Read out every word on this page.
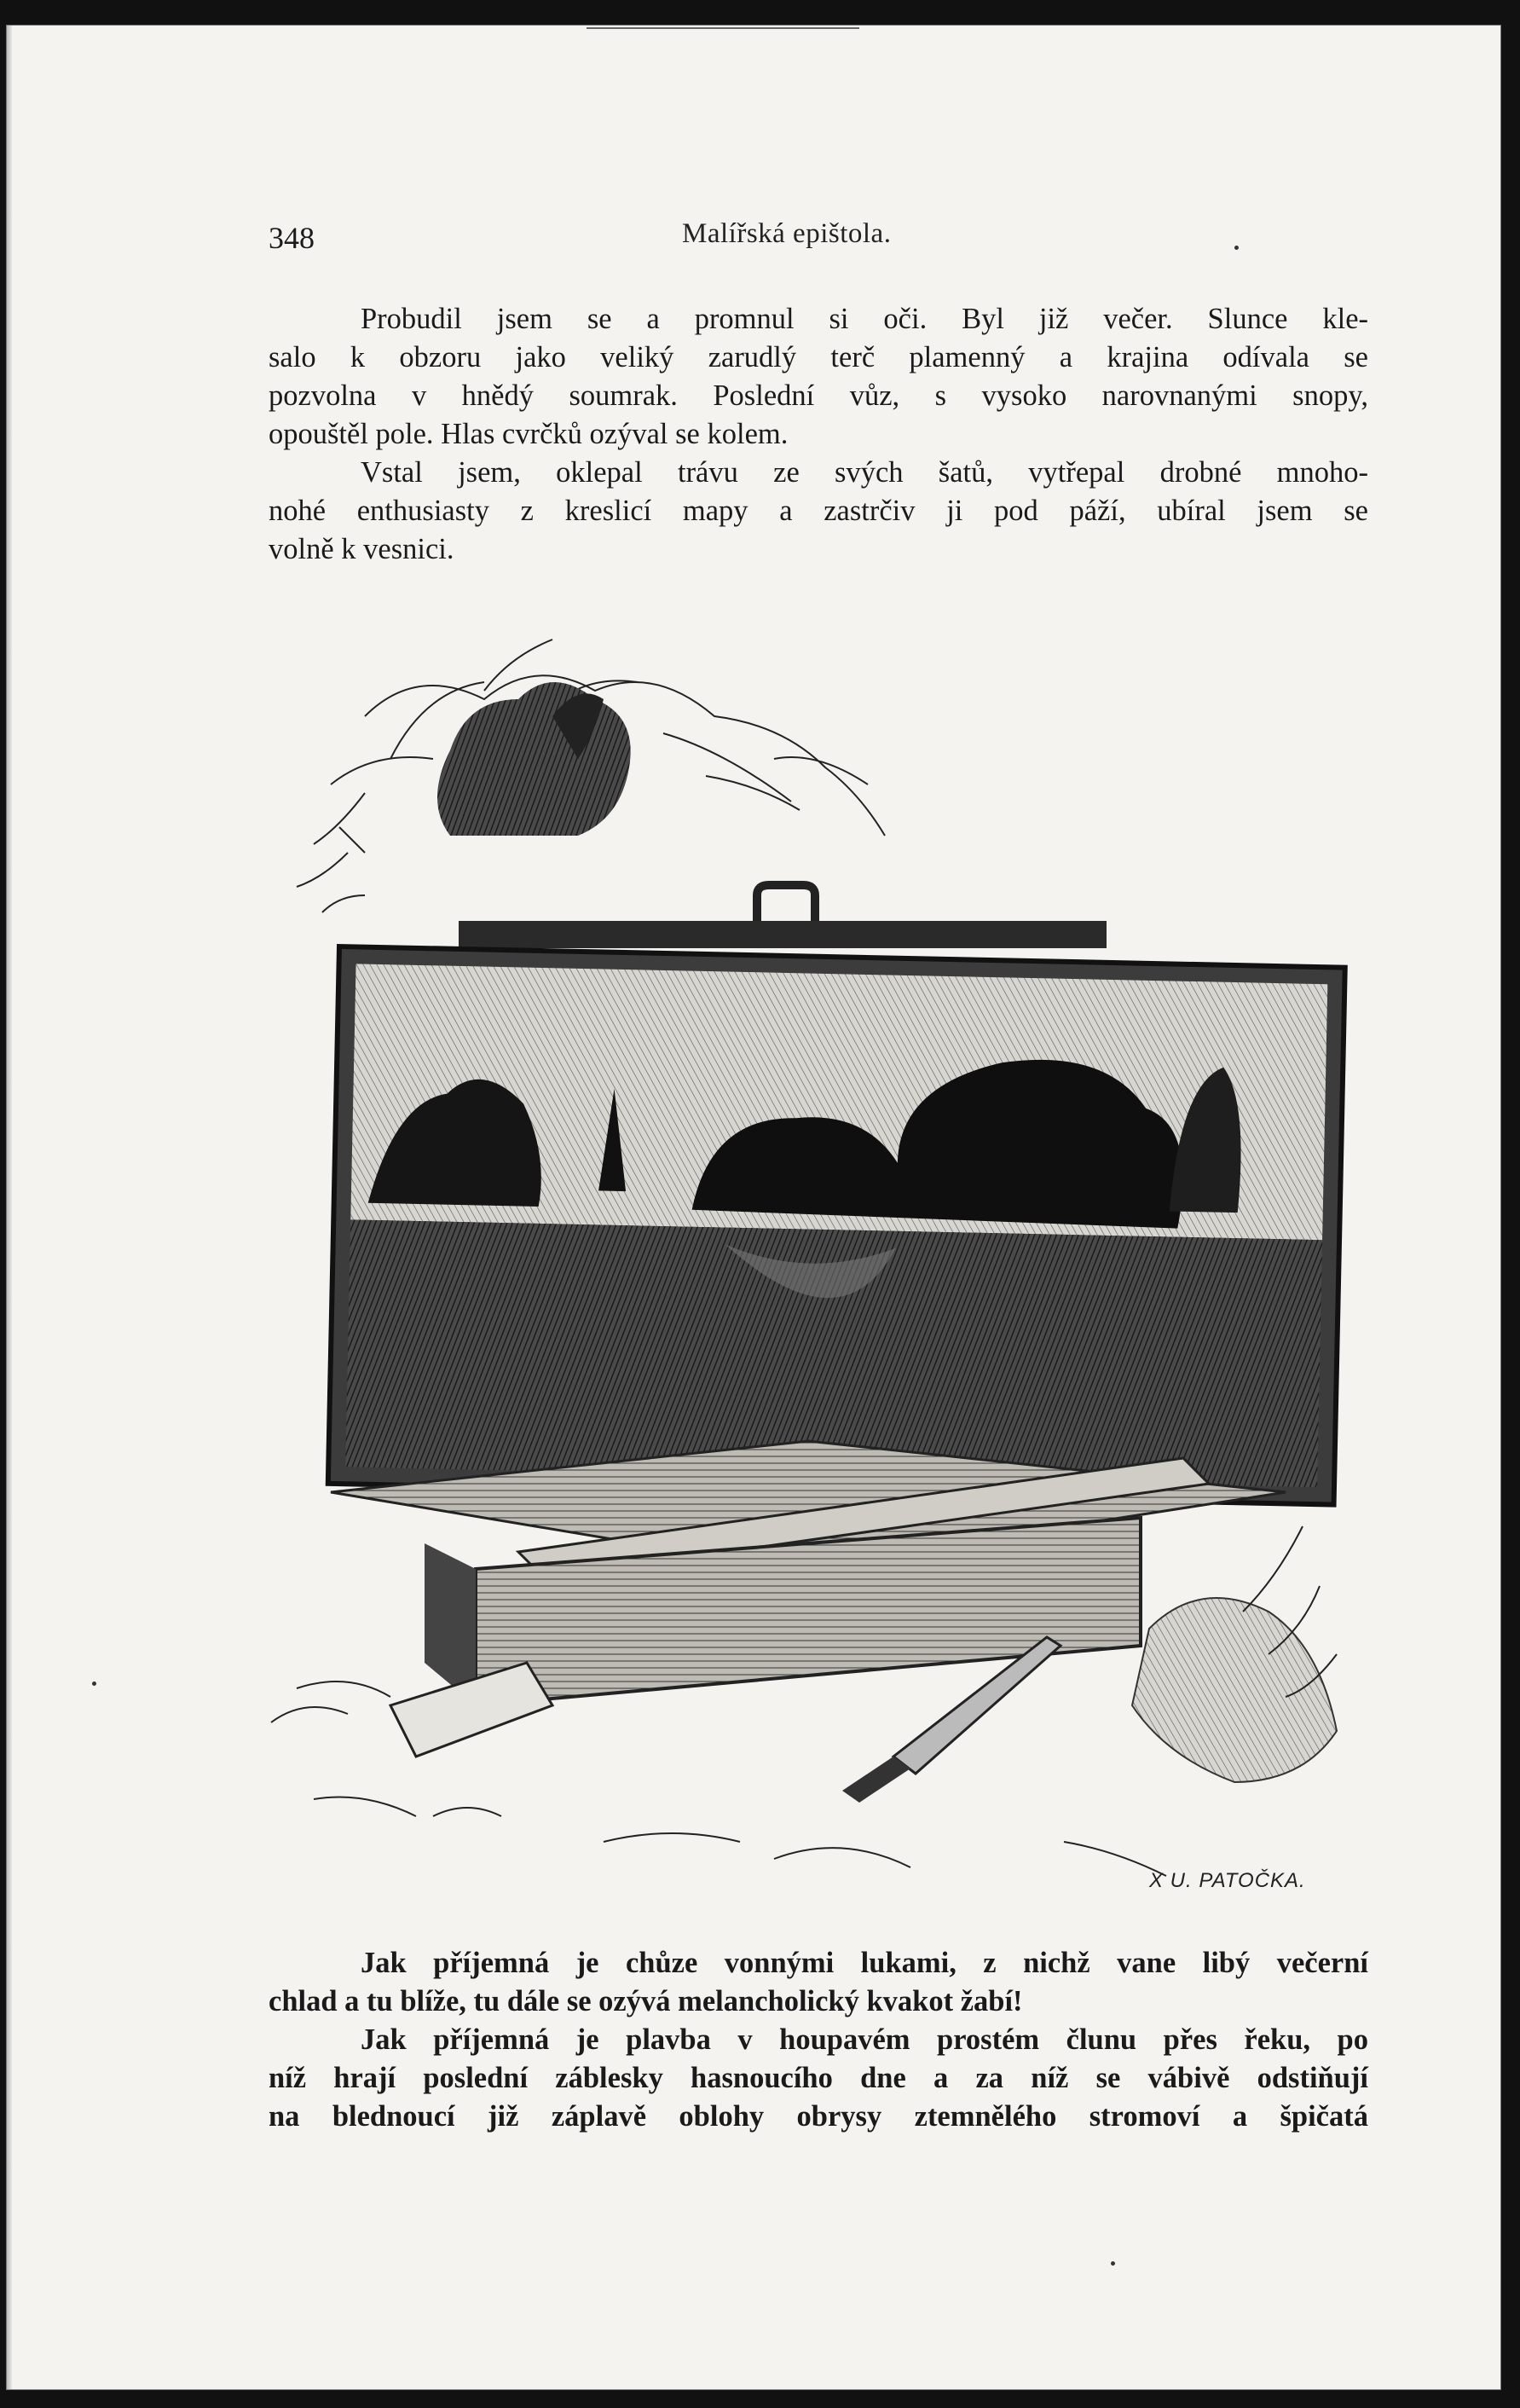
348	Malířská epištola.
Probudil jsem se a promnul si oči. Byl již večer. Slunce kle-
salo k obzoru jako veliký zarudlý terč plamenný a krajina odívala se
pozvolna v hnědý soumrak. Poslední vůz, s vysoko narovnanými snopy,
opouštěl pole. Hlas cvrčků ozýval se kolem.
Vstal jsem, oklepal trávu ze svých šatů, vytřepal drobné mnoho-
nohé enthusiasty z kreslicí mapy a zastrčiv ji pod páží, ubíral jsem se
volně k vesnici.
X U. PATOČKA.
Jak příjemná je chůze vonnými lukami, z nichž vane libý večerní
chlad a tu blíže, tu dále se ozývá melancholický kvakot žabí!
Jak příjemná je plavba v houpavém prostém člunu přes řeku, po
níž hrají poslední záblesky hasnoucího dne a za níž se vábivě odstiňují
na blednoucí již záplavě oblohy obrysy ztemnělého stromoví a špičatá
